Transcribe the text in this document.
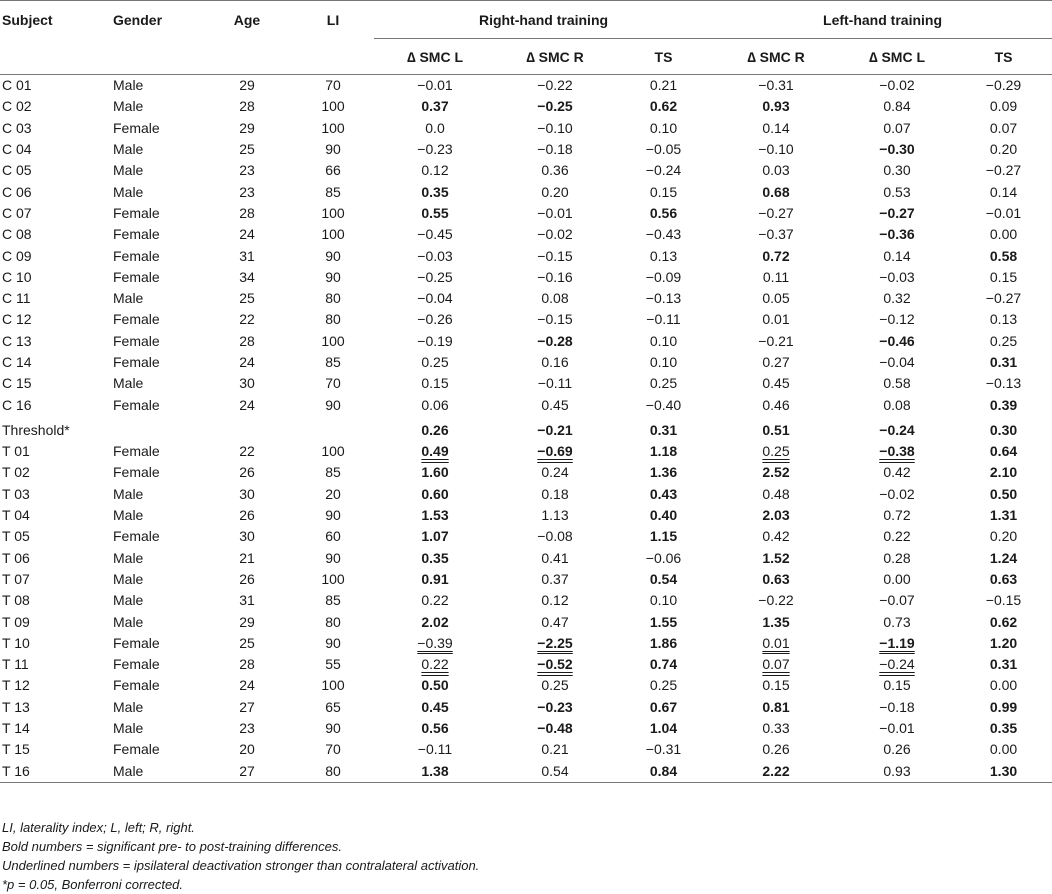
Subject	Gender	Age	LI	Right-hand training			Left-hand training		
				∆ SMC L	∆ SMC R	TS	∆ SMC R	∆ SMC L	TS
C 01	Male	29	70	−0.01	−0.22	0.21	−0.31	−0.02	−0.29
C 02	Male	28	100	0.37	−0.25	0.62	0.93	0.84	0.09
C 03	Female	29	100	0.0	−0.10	0.10	0.14	0.07	0.07
C 04	Male	25	90	−0.23	−0.18	−0.05	−0.10	−0.30	0.20
C 05	Male	23	66	0.12	0.36	−0.24	0.03	0.30	−0.27
C 06	Male	23	85	0.35	0.20	0.15	0.68	0.53	0.14
C 07	Female	28	100	0.55	−0.01	0.56	−0.27	−0.27	−0.01
C 08	Female	24	100	−0.45	−0.02	−0.43	−0.37	−0.36	0.00
C 09	Female	31	90	−0.03	−0.15	0.13	0.72	0.14	0.58
C 10	Female	34	90	−0.25	−0.16	−0.09	0.11	−0.03	0.15
C 11	Male	25	80	−0.04	0.08	−0.13	0.05	0.32	−0.27
C 12	Female	22	80	−0.26	−0.15	−0.11	0.01	−0.12	0.13
C 13	Female	28	100	−0.19	−0.28	0.10	−0.21	−0.46	0.25
C 14	Female	24	85	0.25	0.16	0.10	0.27	−0.04	0.31
C 15	Male	30	70	0.15	−0.11	0.25	0.45	0.58	−0.13
C 16	Female	24	90	0.06	0.45	−0.40	0.46	0.08	0.39

Threshold*				0.26	−0.21	0.31	0.51	−0.24	0.30
T 01	Female	22	100	0.49	−0.69	1.18	0.25	−0.38	0.64
T 02	Female	26	85	1.60	0.24	1.36	2.52	0.42	2.10
T 03	Male	30	20	0.60	0.18	0.43	0.48	−0.02	0.50
T 04	Male	26	90	1.53	1.13	0.40	2.03	0.72	1.31
T 05	Female	30	60	1.07	−0.08	1.15	0.42	0.22	0.20
T 06	Male	21	90	0.35	0.41	−0.06	1.52	0.28	1.24
T 07	Male	26	100	0.91	0.37	0.54	0.63	0.00	0.63
T 08	Male	31	85	0.22	0.12	0.10	−0.22	−0.07	−0.15
T 09	Male	29	80	2.02	0.47	1.55	1.35	0.73	0.62
T 10	Female	25	90	−0.39	−2.25	1.86	0.01	−1.19	1.20
T 11	Female	28	55	0.22	−0.52	0.74	0.07	−0.24	0.31
T 12	Female	24	100	0.50	0.25	0.25	0.15	0.15	0.00
T 13	Male	27	65	0.45	−0.23	0.67	0.81	−0.18	0.99
T 14	Male	23	90	0.56	−0.48	1.04	0.33	−0.01	0.35
T 15	Female	20	70	−0.11	0.21	−0.31	0.26	0.26	0.00
T 16	Male	27	80	1.38	0.54	0.84	2.22	0.93	1.30
LI, laterality index; L, left; R, right.
Bold numbers = significant pre- to post-training differences.
Underlined numbers = ipsilateral deactivation stronger than contralateral activation.
*p = 0.05, Bonferroni corrected.
